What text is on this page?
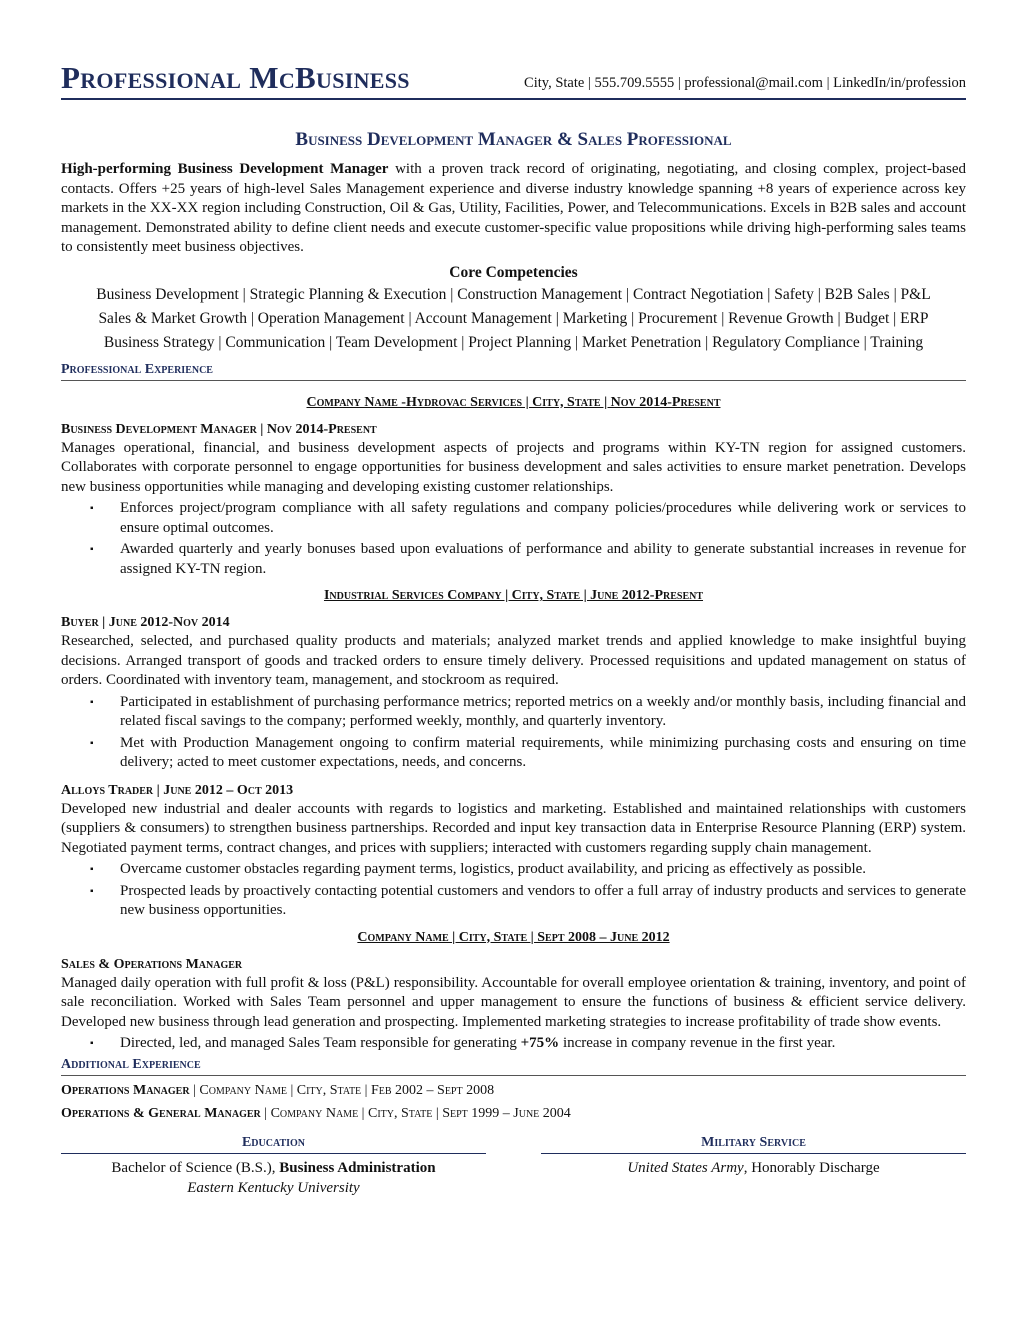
Professional McBusiness	City, State | 555.709.5555 | professional@mail.com | LinkedIn/in/profession
Business Development Manager & Sales Professional
High-performing Business Development Manager with a proven track record of originating, negotiating, and closing complex, project-based contacts. Offers +25 years of high-level Sales Management experience and diverse industry knowledge spanning +8 years of experience across key markets in the XX-XX region including Construction, Oil & Gas, Utility, Facilities, Power, and Telecommunications. Excels in B2B sales and account management. Demonstrated ability to define client needs and execute customer-specific value propositions while driving high-performing sales teams to consistently meet business objectives.
Core Competencies
Business Development | Strategic Planning & Execution | Construction Management | Contract Negotiation | Safety | B2B Sales | P&L
Sales & Market Growth | Operation Management | Account Management | Marketing | Procurement | Revenue Growth | Budget | ERP
Business Strategy | Communication | Team Development | Project Planning | Market Penetration | Regulatory Compliance | Training
Professional Experience
Company Name -Hydrovac Services | City, State | Nov 2014-Present
Business Development Manager | Nov 2014-Present
Manages operational, financial, and business development aspects of projects and programs within KY-TN region for assigned customers. Collaborates with corporate personnel to engage opportunities for business development and sales activities to ensure market penetration. Develops new business opportunities while managing and developing existing customer relationships.
▪ Enforces project/program compliance with all safety regulations and company policies/procedures while delivering work or services to ensure optimal outcomes.
▪ Awarded quarterly and yearly bonuses based upon evaluations of performance and ability to generate substantial increases in revenue for assigned KY-TN region.
Industrial Services Company | City, State | June 2012-Present
Buyer | June 2012-Nov 2014
Researched, selected, and purchased quality products and materials; analyzed market trends and applied knowledge to make insightful buying decisions. Arranged transport of goods and tracked orders to ensure timely delivery. Processed requisitions and updated management on status of orders. Coordinated with inventory team, management, and stockroom as required.
▪ Participated in establishment of purchasing performance metrics; reported metrics on a weekly and/or monthly basis, including financial and related fiscal savings to the company; performed weekly, monthly, and quarterly inventory.
▪ Met with Production Management ongoing to confirm material requirements, while minimizing purchasing costs and ensuring on time delivery; acted to meet customer expectations, needs, and concerns.
Alloys Trader | June 2012 – Oct 2013
Developed new industrial and dealer accounts with regards to logistics and marketing. Established and maintained relationships with customers (suppliers & consumers) to strengthen business partnerships. Recorded and input key transaction data in Enterprise Resource Planning (ERP) system. Negotiated payment terms, contract changes, and prices with suppliers; interacted with customers regarding supply chain management.
▪ Overcame customer obstacles regarding payment terms, logistics, product availability, and pricing as effectively as possible.
▪ Prospected leads by proactively contacting potential customers and vendors to offer a full array of industry products and services to generate new business opportunities.
Company Name | City, State | Sept 2008 – June 2012
Sales & Operations Manager
Managed daily operation with full profit & loss (P&L) responsibility. Accountable for overall employee orientation & training, inventory, and point of sale reconciliation. Worked with Sales Team personnel and upper management to ensure the functions of business & efficient service delivery. Developed new business through lead generation and prospecting. Implemented marketing strategies to increase profitability of trade show events.
▪ Directed, led, and managed Sales Team responsible for generating +75% increase in company revenue in the first year.
Additional Experience
Operations Manager | Company Name | City, State | Feb 2002 – Sept 2008
Operations & General Manager | Company Name | City, State | Sept 1999 – June 2004
Education
Bachelor of Science (B.S.), Business Administration
Eastern Kentucky University
Military Service
United States Army, Honorably Discharge
